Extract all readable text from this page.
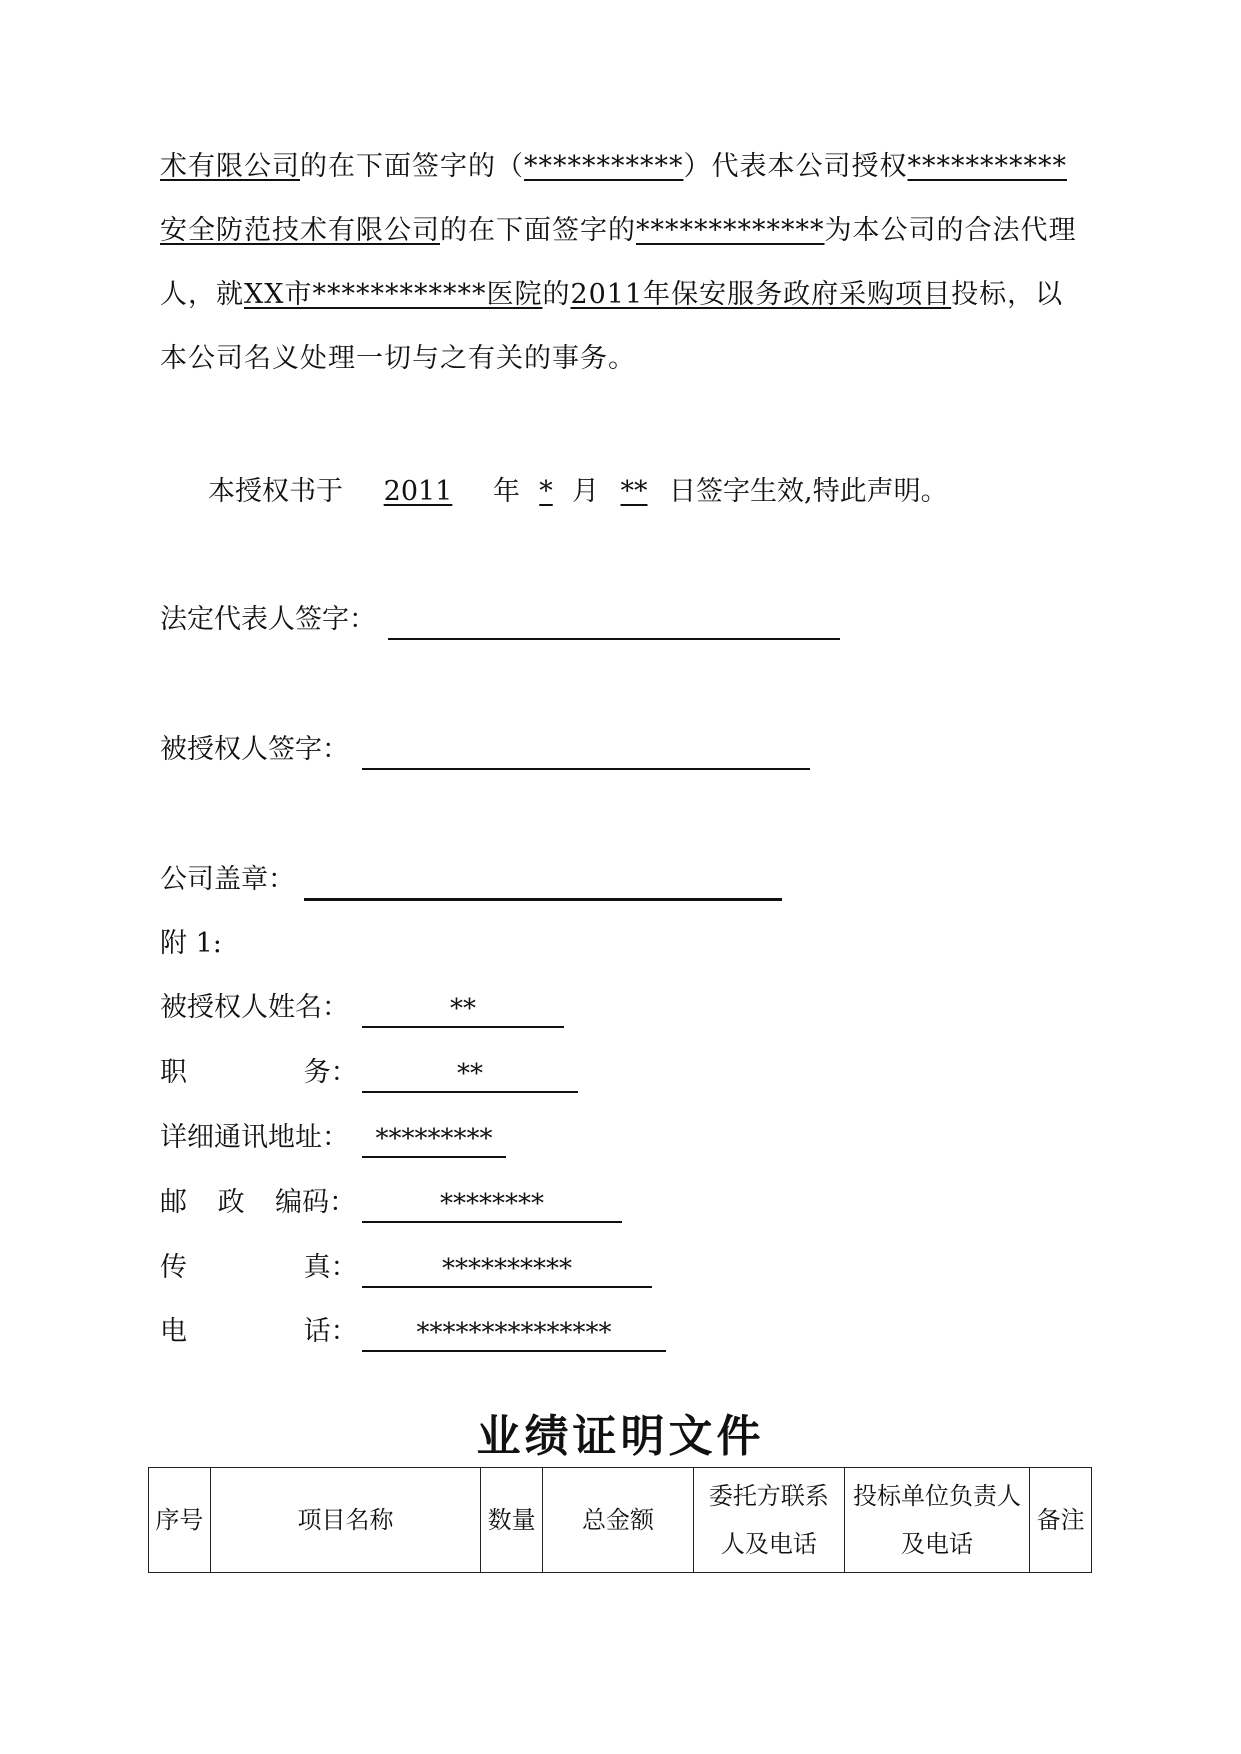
术有限公司的在下面签字的（***********）代表本公司授权***********安全防范技术有限公司的在下面签字的*************为本公司的合法代理人，就XX市************医院的2011年保安服务政府采购项目投标，以本公司名义处理一切与之有关的事务。

本授权书于 2011 年 * 月 ** 日签字生效,特此声明。
法定代表人签字：
被授权人签字：
公司盖章：
附 1:
被授权人姓名：	**
职 务：	**
详细通讯地址：	*********
邮 政 编码：	********
传 真：	**********
电 话：	***************
业绩证明文件
序号	项目名称	数量	总金额	委托方联系人及电话	投标单位负责人及电话	备注
